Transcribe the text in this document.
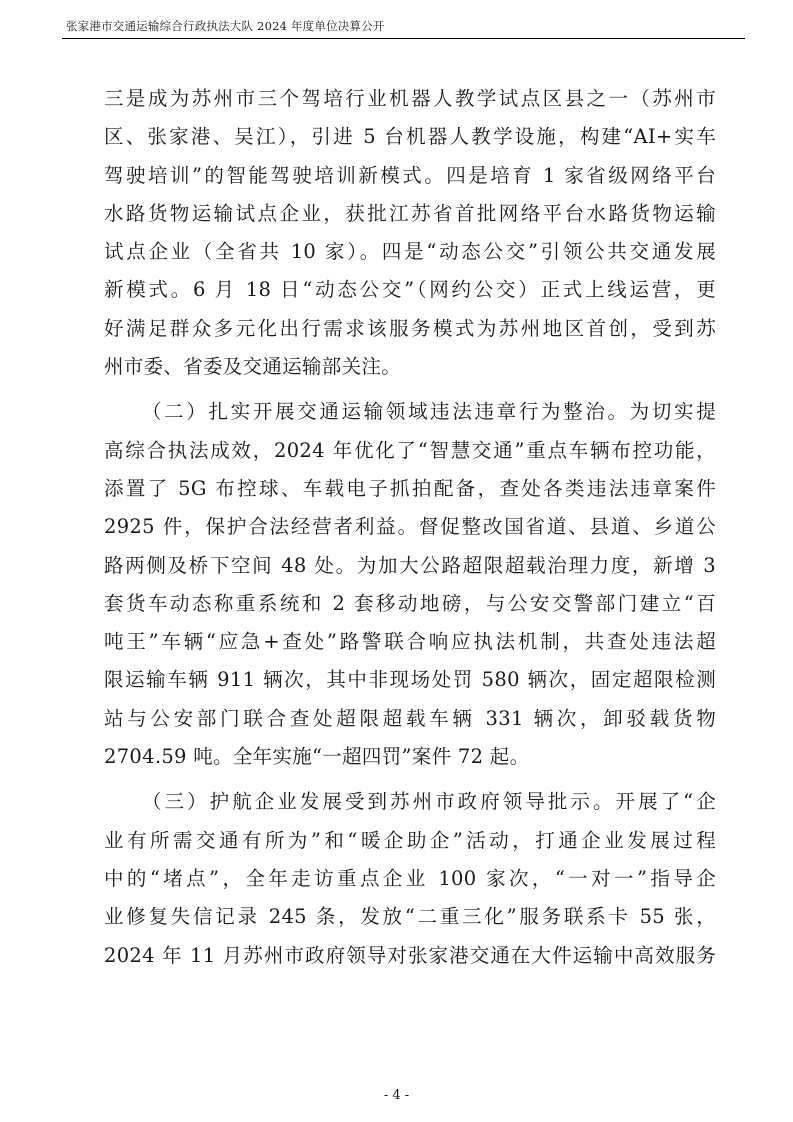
张家港市交通运输综合行政执法大队 2024 年度单位决算公开
三是成为苏州市三个驾培行业机器人教学试点区县之一（苏州市
区、张家港、吴江），引进 5 台机器人教学设施，构建“AI+实车
驾驶培训”的智能驾驶培训新模式。四是培育 1 家省级网络平台
水路货物运输试点企业，获批江苏省首批网络平台水路货物运输
试点企业（全省共 10 家）。四是“动态公交”引领公共交通发展
新模式。6 月 18 日“动态公交”（网约公交）正式上线运营，更
好满足群众多元化出行需求该服务模式为苏州地区首创，受到苏
州市委、省委及交通运输部关注。
（二）扎实开展交通运输领域违法违章行为整治。为切实提
高综合执法成效，2024 年优化了“智慧交通”重点车辆布控功能，
添置了 5G 布控球、车载电子抓拍配备，查处各类违法违章案件
2925 件，保护合法经营者利益。督促整改国省道、县道、乡道公
路两侧及桥下空间 48 处。为加大公路超限超载治理力度，新增 3
套货车动态称重系统和 2 套移动地磅，与公安交警部门建立“百
吨王”车辆“应急+查处”路警联合响应执法机制，共查处违法超
限运输车辆 911 辆次，其中非现场处罚 580 辆次，固定超限检测
站与公安部门联合查处超限超载车辆 331 辆次，卸驳载货物
2704.59 吨。全年实施“一超四罚”案件 72 起。
（三）护航企业发展受到苏州市政府领导批示。开展了“企
业有所需交通有所为”和“暖企助企”活动，打通企业发展过程
中的“堵点”，全年走访重点企业 100 家次，“一对一”指导企
业修复失信记录 245 条，发放“二重三化”服务联系卡 55 张，
2024 年 11 月苏州市政府领导对张家港交通在大件运输中高效服务
- 4 -
